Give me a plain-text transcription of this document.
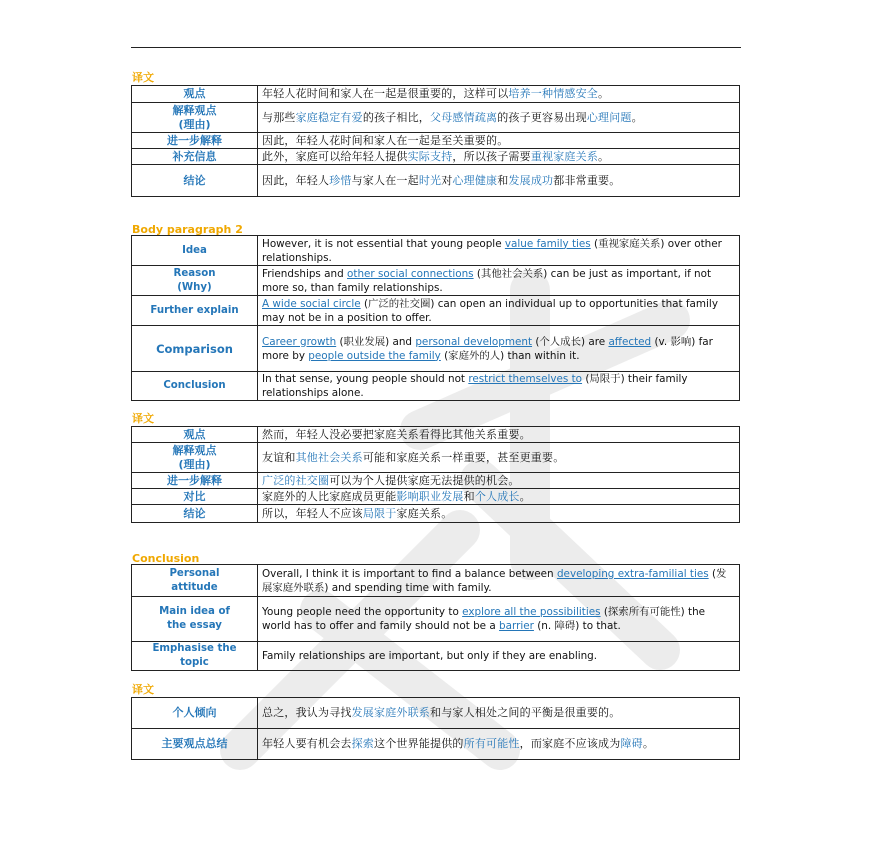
译文
观点	年轻人花时间和家人在一起是很重要的，这样可以培养一种情感安全。
解释观点
(理由)	与那些家庭稳定有爱的孩子相比，父母感情疏离的孩子更容易出现心理问题。
进一步解释	因此，年轻人花时间和家人在一起是至关重要的。
补充信息	此外，家庭可以给年轻人提供实际支持，所以孩子需要重视家庭关系。
结论	因此，年轻人珍惜与家人在一起时光对心理健康和发展成功都非常重要。
Body paragraph 2
Idea	However, it is not essential that young people value family ties (重视家庭关系) over other relationships.
Reason
(Why)	Friendships and other social connections (其他社会关系) can be just as important, if not more so, than family relationships.
Further explain	A wide social circle (广泛的社交圈) can open an individual up to opportunities that family may not be in a position to offer.
Comparison	Career growth (职业发展) and personal development (个人成长) are affected (v. 影响) far more by people outside the family (家庭外的人) than within it.
Conclusion	In that sense, young people should not restrict themselves to (局限于) their family relationships alone.
译文
观点	然而，年轻人没必要把家庭关系看得比其他关系重要。
解释观点
(理由)	友谊和其他社会关系可能和家庭关系一样重要，甚至更重要。
进一步解释	广泛的社交圈可以为个人提供家庭无法提供的机会。
对比	家庭外的人比家庭成员更能影响职业发展和个人成长。
结论	所以，年轻人不应该局限于家庭关系。
Conclusion
Personal
attitude	Overall, I think it is important to find a balance between developing extra-familial ties (发展家庭外联系) and spending time with family.
Main idea of
the essay	Young people need the opportunity to explore all the possibilities (探索所有可能性) the world has to offer and family should not be a barrier (n. 障碍) to that.
Emphasise the
topic	Family relationships are important, but only if they are enabling.
译文
个人倾向	总之，我认为寻找发展家庭外联系和与家人相处之间的平衡是很重要的。
主要观点总结	年轻人要有机会去探索这个世界能提供的所有可能性，而家庭不应该成为障碍。
